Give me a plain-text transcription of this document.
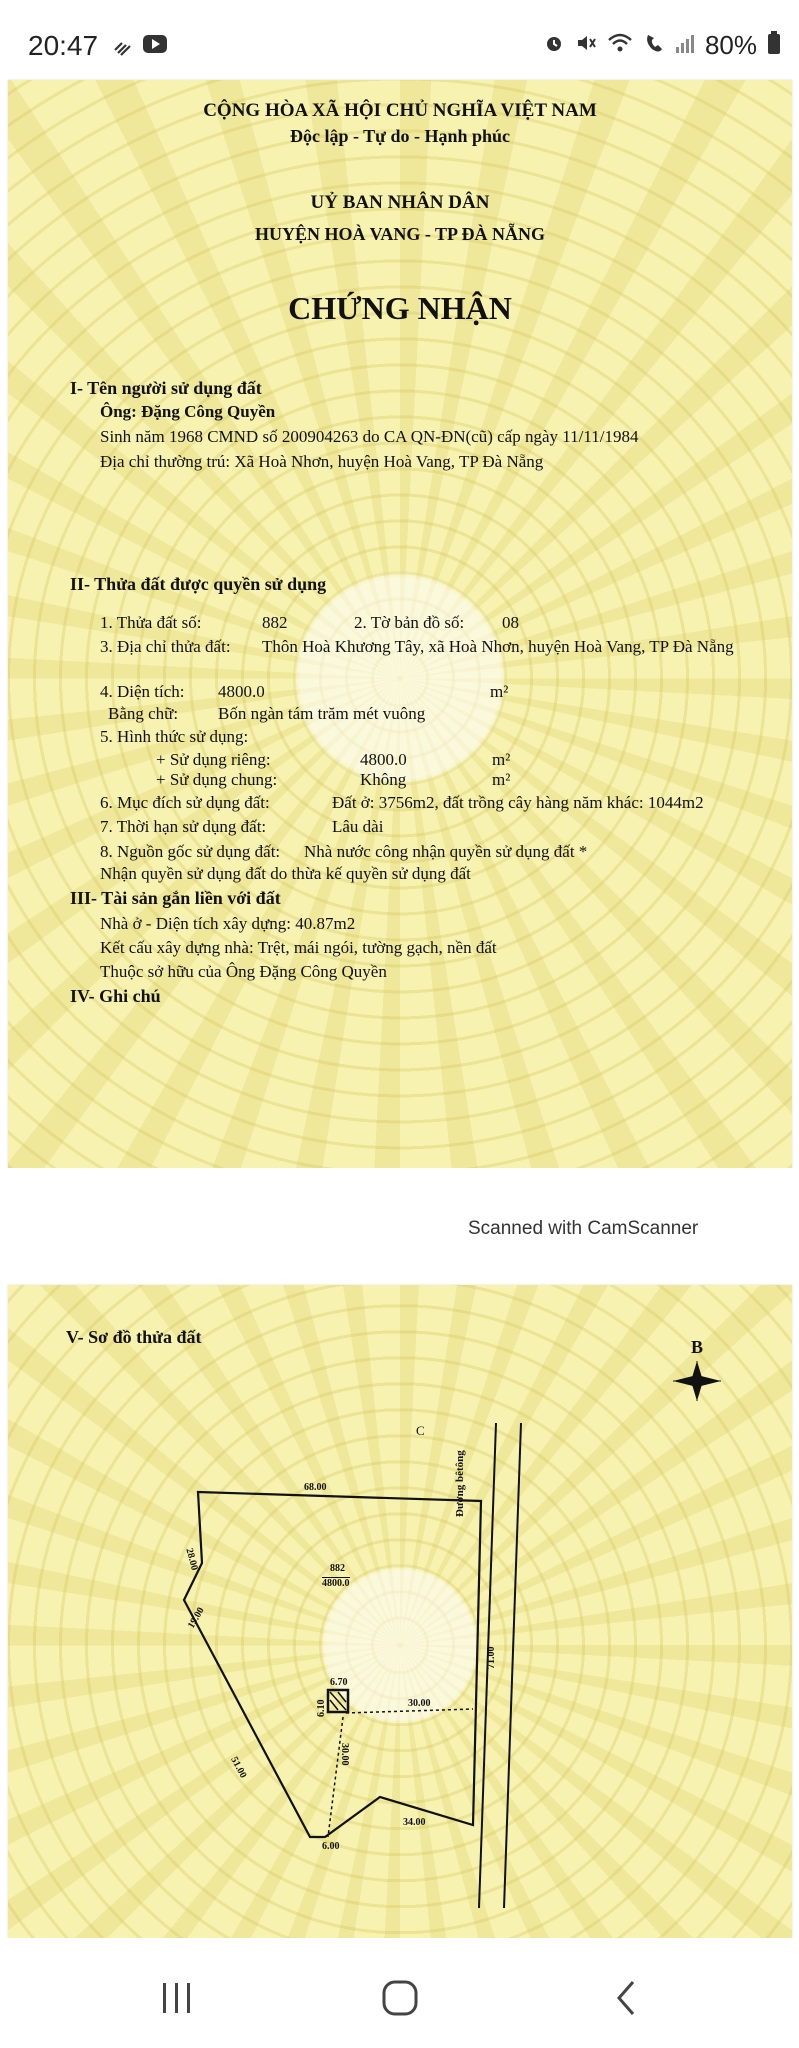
20:47	80%
CỘNG HÒA XÃ HỘI CHỦ NGHĨA VIỆT NAM
Độc lập - Tự do - Hạnh phúc
UỶ BAN NHÂN DÂN
HUYỆN HOÀ VANG - TP ĐÀ NẴNG
CHỨNG NHẬN
I- Tên người sử dụng đất
Ông: Đặng Công Quyền
Sinh năm 1968 CMND số 200904263 do CA QN-ĐN(cũ) cấp ngày 11/11/1984
Địa chỉ thường trú: Xã Hoà Nhơn, huyện Hoà Vang, TP Đà Nẵng
II- Thửa đất được quyền sử dụng
1. Thửa đất số:	882	2. Tờ bản đồ số: 08
3. Địa chỉ thửa đất: Thôn Hoà Khương Tây, xã Hoà Nhơn, huyện Hoà Vang, TP Đà Nẵng
4. Diện tích: 4800.0	m²
Bằng chữ: Bốn ngàn tám trăm mét vuông
5. Hình thức sử dụng:
+ Sử dụng riêng:	4800.0	m²
+ Sử dụng chung:	Không	m²
6. Mục đích sử dụng đất:	Đất ở: 3756m2, đất trồng cây hàng năm khác: 1044m2
7. Thời hạn sử dụng đất:	Lâu dài
8. Nguồn gốc sử dụng đất: Nhà nước công nhận quyền sử dụng đất *
Nhận quyền sử dụng đất do thừa kế quyền sử dụng đất
III- Tài sản gắn liền với đất
Nhà ở - Diện tích xây dựng: 40.87m2
Kết cấu xây dựng nhà: Trệt, mái ngói, tường gạch, nền đất
Thuộc sở hữu của Ông Đặng Công Quyền
IV- Ghi chú
Scanned with CamScanner
V- Sơ đồ thửa đất
C
B
Đường bêtông
882
4800.0
68.00
28.00
19.00
51.00
71.00
34.00
6.00
30.00
30.00
6.70
6.10
